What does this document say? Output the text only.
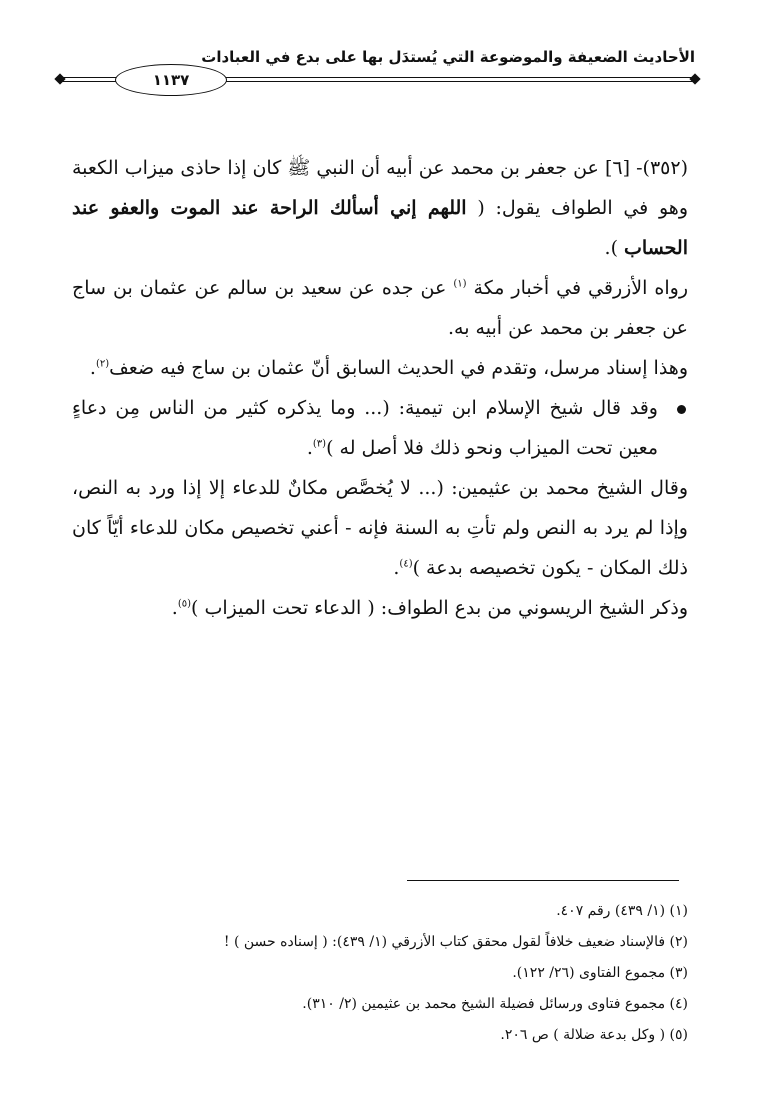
الأحاديث الضعيفة والموضوعة التي يُستدَل بها على بدع في العبادات
١١٣٧

(٣٥٢)- [٦] عن جعفر بن محمد عن أبيه أن النبي ﷺ كان إذا حاذى ميزاب الكعبة وهو في الطواف يقول: ( اللهم إني أسألك الراحة عند الموت والعفو عند الحساب ).

رواه الأزرقي في أخبار مكة $^{(١)}$ عن جده عن سعيد بن سالم عن عثمان بن ساج عن جعفر بن محمد عن أبيه به.

وهذا إسناد مرسل، وتقدم في الحديث السابق أنّ عثمان بن ساج فيه ضعف$^{(٢)}$.

وقد قال شيخ الإسلام ابن تيمية: (... وما يذكره كثير من الناس مِن دعاءٍ معين تحت الميزاب ونحو ذلك فلا أصل له )$^{(٣)}$.

وقال الشيخ محمد بن عثيمين: (... لا يُخصَّص مكانٌ للدعاء إلا إذا ورد به النص، وإذا لم يرد به النص ولم تأتِ به السنة فإنه - أعني تخصيص مكان للدعاء أيّاً كان ذلك المكان - يكون تخصيصه بدعة )$^{(٤)}$.

وذكر الشيخ الريسوني من بدع الطواف: ( الدعاء تحت الميزاب )$^{(٥)}$.

(١) (١/ ٤٣٩) رقم ٤٠٧.
(٢) فالإسناد ضعيف خلافاً لقول محقق كتاب الأزرقي (١/ ٤٣٩): ( إسناده حسن ) !
(٣) مجموع الفتاوى (٢٦/ ١٢٢).
(٤) مجموع فتاوى ورسائل فضيلة الشيخ محمد بن عثيمين (٢/ ٣١٠).
(٥) ( وكل بدعة ضلالة ) ص ٢٠٦.
